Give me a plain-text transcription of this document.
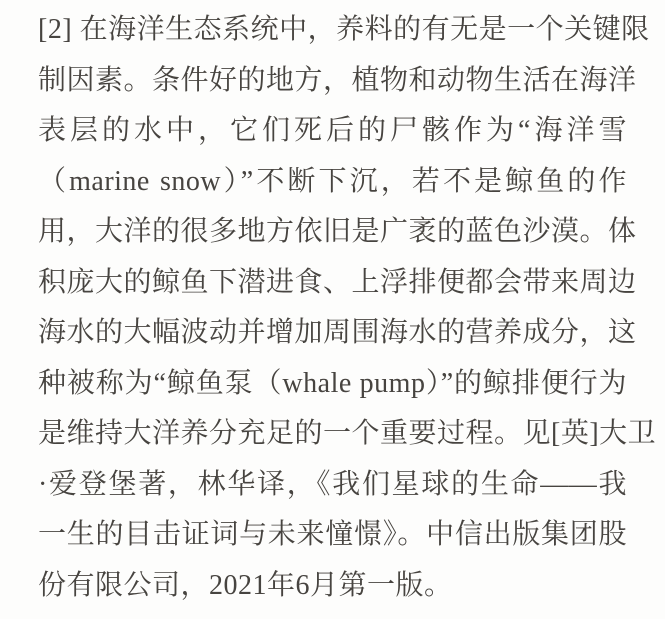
[2] 在海洋生态系统中，养料的有无是一个关键限
制因素。条件好的地方，植物和动物生活在海洋
表层的水中，它们死后的尸骸作为“海洋雪
（marine snow）”不断下沉，若不是鲸鱼的作
用，大洋的很多地方依旧是广袤的蓝色沙漠。体
积庞大的鲸鱼下潜进食、上浮排便都会带来周边
海水的大幅波动并增加周围海水的营养成分，这
种被称为“鲸鱼泵（whale pump）”的鲸排便行为
是维持大洋养分充足的一个重要过程。见[英]大卫
·爱登堡著，林华译，《我们星球的生命——我
一生的目击证词与未来憧憬》。中信出版集团股
份有限公司，2021年6月第一版。
